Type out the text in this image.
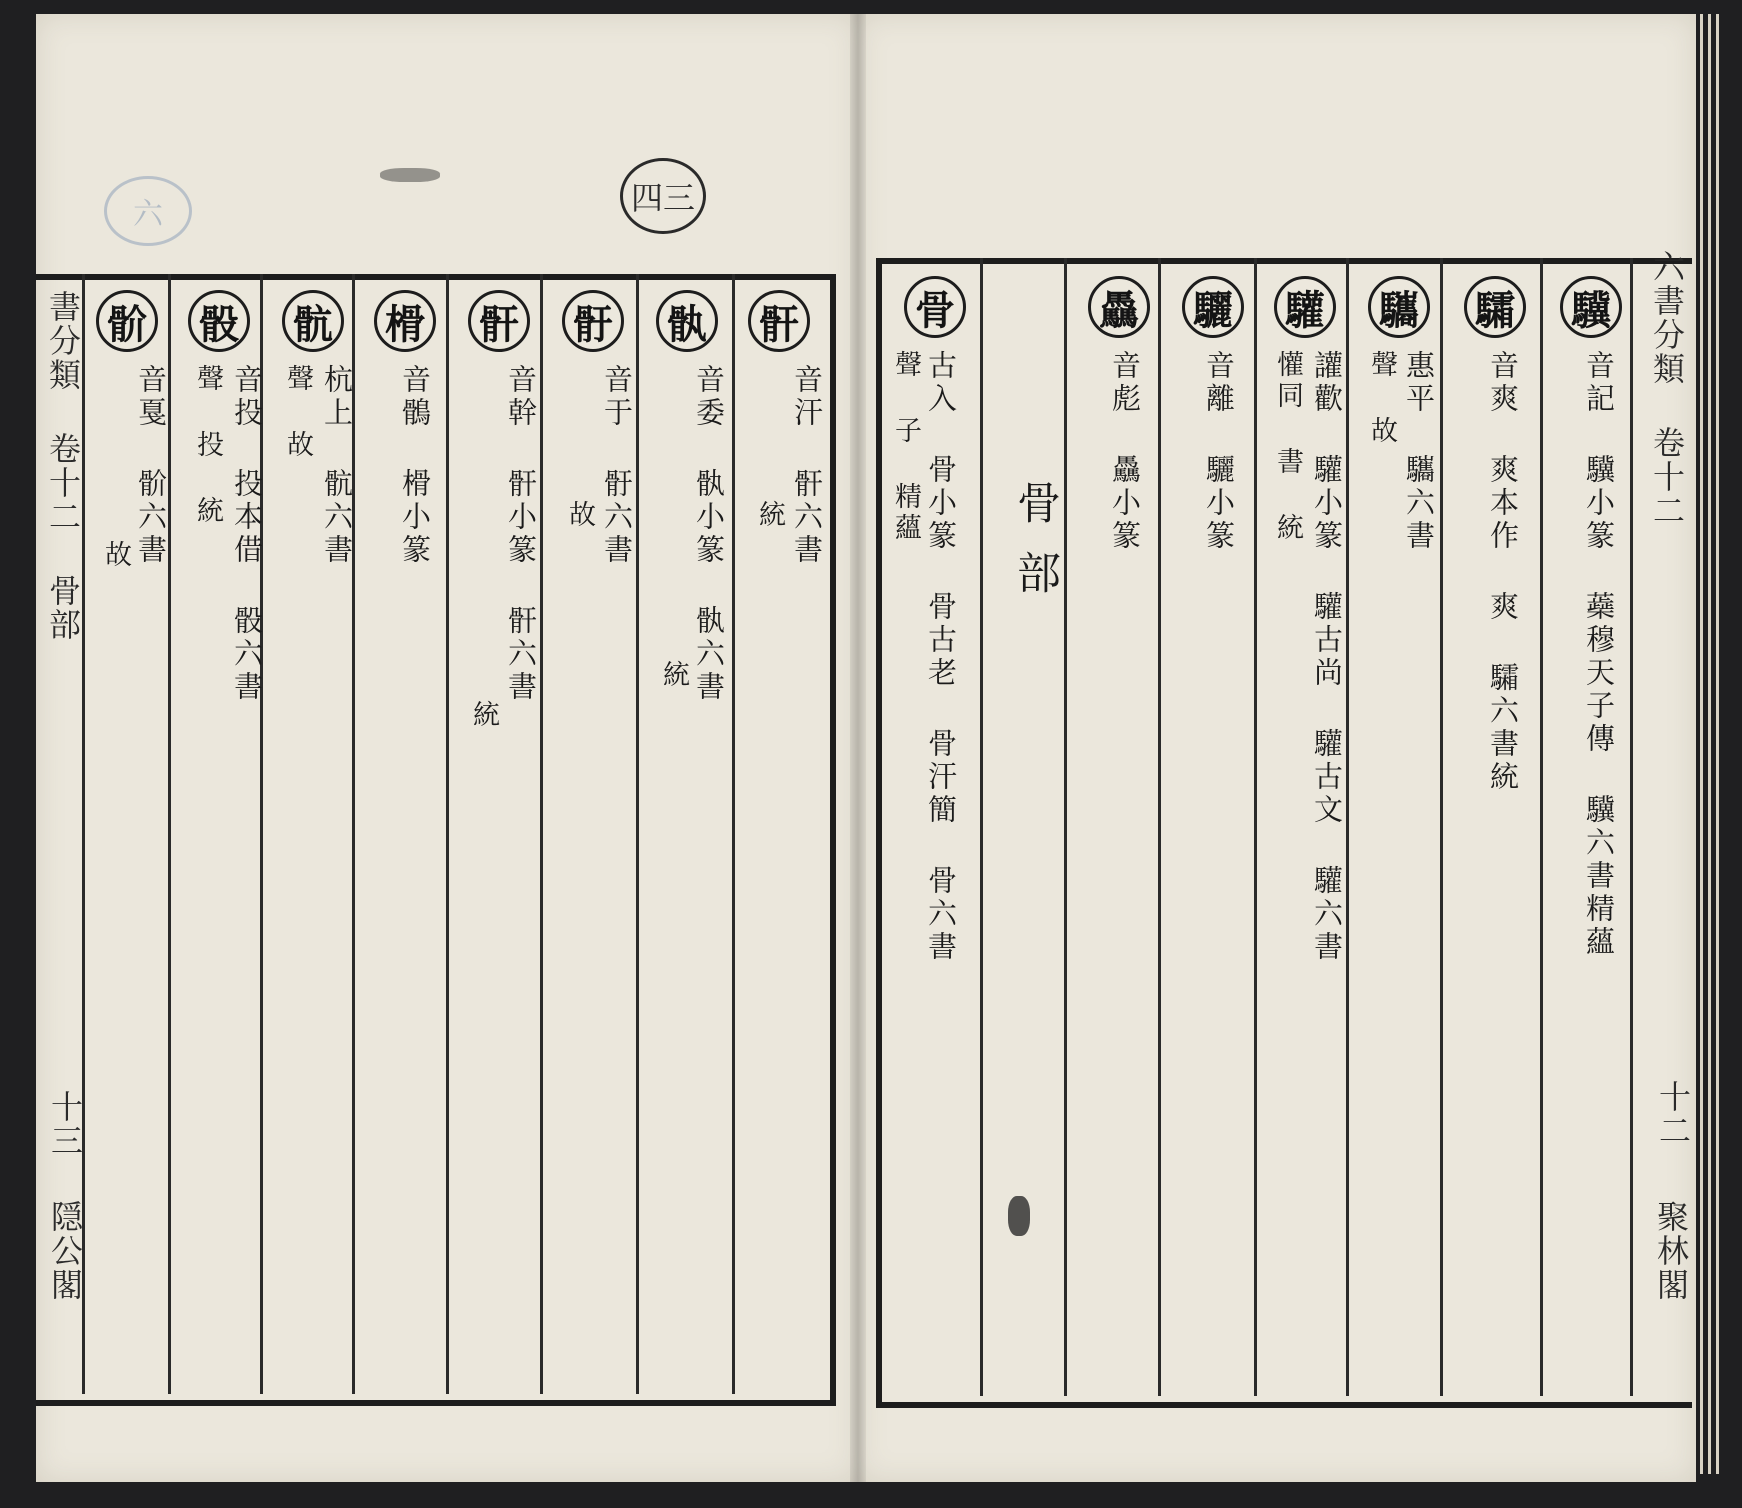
四三
六
書分類 卷十二 骨部
十三
隠公閣
六書分類 卷十二
十二
聚林閣
驥
音記 驥小篆 蘃穆天子傳 驥六書精蘊
驦
音爽 爽本作 爽 驦六書統
驨
惠平 驨六書
聲 故
驩
讙歡 驩小篆 驩古尚 驩古文 驩六書
懽同 書 統
驪
音離 驪小篆
驫
音彪 驫小篆
骨部
骨
古入 骨小篆 骨古老 骨汗簡 骨六書
聲 子 精蘊
骭
音汗 骭六書
統
骫
音委 骫小篆 骫六書
統
骬
音于 骬六書
故
骭
音幹 骭小篆 骭六書
統
榾
音鶻 榾小篆
骯
杭上 骯六書
聲 故
骰
音投 投本借 骰六書
聲 投 統
骱
音戛 骱六書
故
